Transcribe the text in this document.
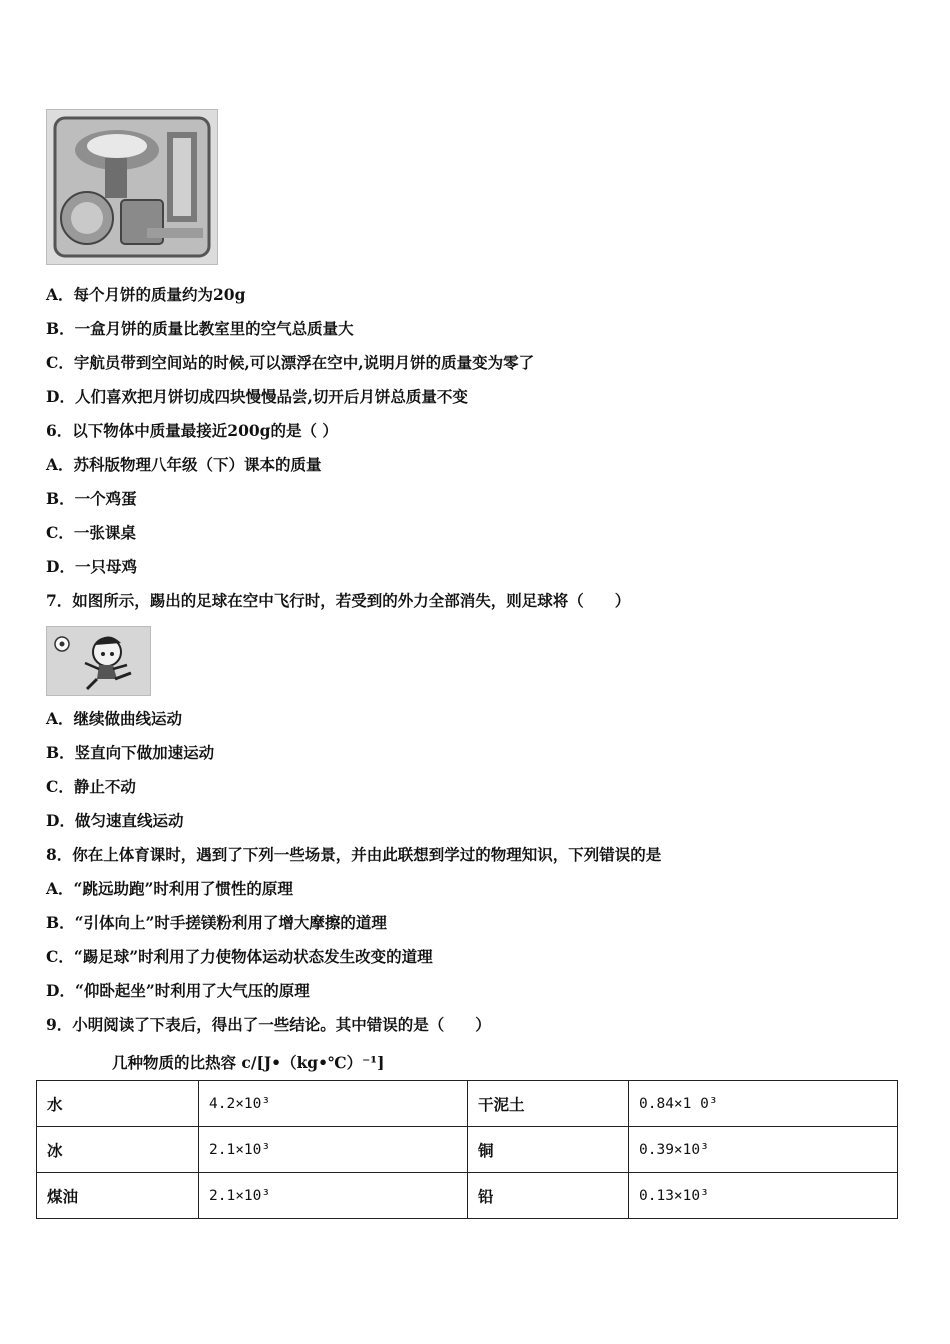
A．每个月饼的质量约为20g
B．一盒月饼的质量比教室里的空气总质量大
C．宇航员带到空间站的时候,可以漂浮在空中,说明月饼的质量变为零了
D．人们喜欢把月饼切成四块慢慢品尝,切开后月饼总质量不变
6．以下物体中质量最接近200g的是（ ）
A．苏科版物理八年级（下）课本的质量
B．一个鸡蛋
C．一张课桌
D．一只母鸡
7．如图所示，踢出的足球在空中飞行时，若受到的外力全部消失，则足球将（　　）
A．继续做曲线运动
B．竖直向下做加速运动
C．静止不动
D．做匀速直线运动
8．你在上体育课时，遇到了下列一些场景，并由此联想到学过的物理知识，下列错误的是
A．“跳远助跑”时利用了惯性的原理
B．“引体向上”时手搓镁粉利用了增大摩擦的道理
C．“踢足球”时利用了力使物体运动状态发生改变的道理
D．“仰卧起坐”时利用了大气压的原理
9．小明阅读了下表后，得出了一些结论。其中错误的是（　　）
几种物质的比热容 c/[J•（kg•℃）⁻¹]
水	4.2×10³	干泥土	0.84×1 0³
冰	2.1×10³	铜	0.39×10³
煤油	2.1×10³	铅	0.13×10³
